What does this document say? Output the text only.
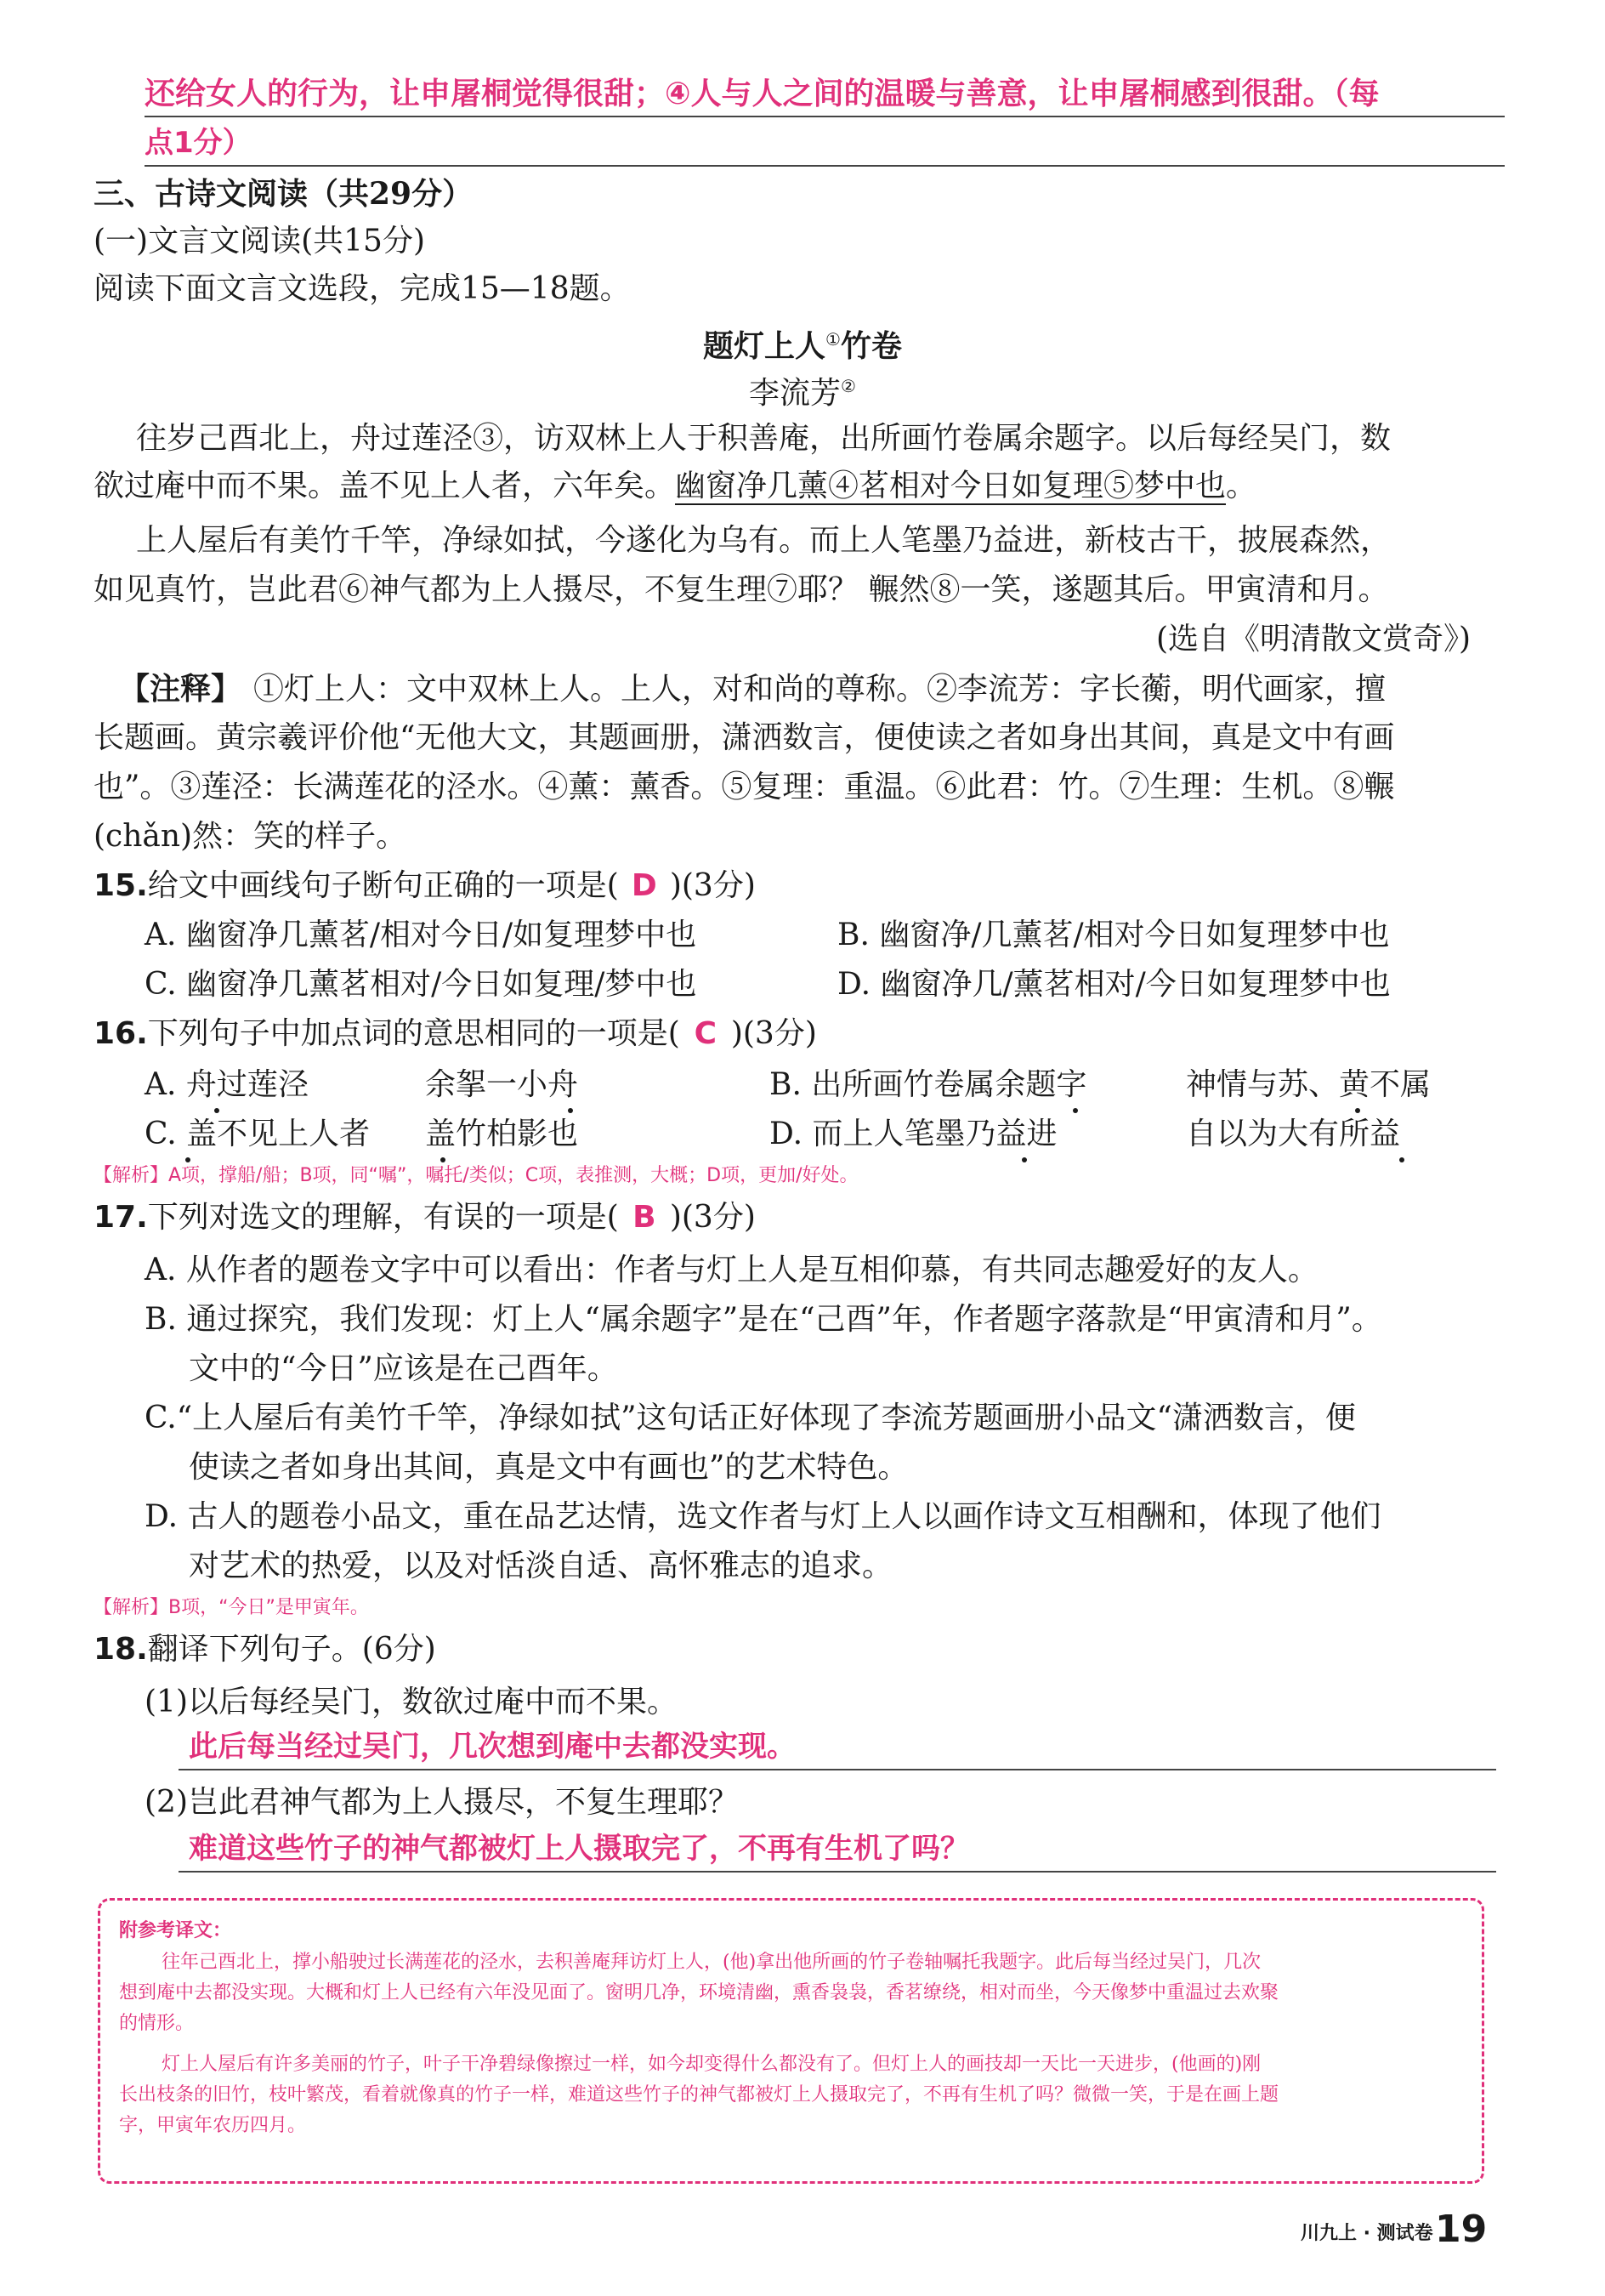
还给女人的行为，让申屠桐觉得很甜；④人与人之间的温暖与善意，让申屠桐感到很甜。（每
点1分）
三、古诗文阅读（共29分）
(一)文言文阅读(共15分)
阅读下面文言文选段，完成15—18题。
题灯上人①竹卷
李流芳②
往岁己酉北上，舟过莲泾③，访双林上人于积善庵，出所画竹卷属余题字。以后每经吴门，数
欲过庵中而不果。盖不见上人者，六年矣。幽窗净几薰④茗相对今日如复理⑤梦中也。
上人屋后有美竹千竿，净绿如拭，今遂化为乌有。而上人笔墨乃益进，新枝古干，披展森然，
如见真竹，岂此君⑥神气都为上人摄尽，不复生理⑦耶？ 冁然⑧一笑，遂题其后。甲寅清和月。
(选自《明清散文赏奇》)
【注释】 ①灯上人：文中双林上人。上人，对和尚的尊称。②李流芳：字长蘅，明代画家，擅
长题画。黄宗羲评价他“无他大文，其题画册，潇洒数言，便使读之者如身出其间，真是文中有画
也”。③莲泾：长满莲花的泾水。④薰：薰香。⑤复理：重温。⑥此君：竹。⑦生理：生机。⑧冁
(chǎn)然：笑的样子。
15.给文中画线句子断句正确的一项是( D )(3分)
A. 幽窗净几薰茗/相对今日/如复理梦中也	B. 幽窗净/几薰茗/相对今日如复理梦中也
C. 幽窗净几薰茗相对/今日如复理/梦中也	D. 幽窗净几/薰茗相对/今日如复理梦中也
16.下列句子中加点词的意思相同的一项是( C )(3分)
A. 舟过莲泾	余挐一小舟	B. 出所画竹卷属余题字	神情与苏、黄不属
C. 盖不见上人者 盖竹柏影也	D. 而上人笔墨乃益进	自以为大有所益
【解析】A项，撑船/船；B项，同“嘱”，嘱托/类似；C项，表推测，大概；D项，更加/好处。
17.下列对选文的理解，有误的一项是( B )(3分)
A. 从作者的题卷文字中可以看出：作者与灯上人是互相仰慕，有共同志趣爱好的友人。
B. 通过探究，我们发现：灯上人“属余题字”是在“己酉”年，作者题字落款是“甲寅清和月”。
文中的“今日”应该是在己酉年。
C.“上人屋后有美竹千竿，净绿如拭”这句话正好体现了李流芳题画册小品文“潇洒数言，便
使读之者如身出其间，真是文中有画也”的艺术特色。
D. 古人的题卷小品文，重在品艺达情，选文作者与灯上人以画作诗文互相酬和，体现了他们
对艺术的热爱，以及对恬淡自适、高怀雅志的追求。
【解析】B项，“今日”是甲寅年。
18.翻译下列句子。(6分)
(1)以后每经吴门，数欲过庵中而不果。
此后每当经过吴门，几次想到庵中去都没实现。
(2)岂此君神气都为上人摄尽，不复生理耶？
难道这些竹子的神气都被灯上人摄取完了，不再有生机了吗？
附参考译文：
往年己酉北上，撑小船驶过长满莲花的泾水，去积善庵拜访灯上人，(他)拿出他所画的竹子卷轴嘱托我题字。此后每当经过吴门，几次
想到庵中去都没实现。大概和灯上人已经有六年没见面了。窗明几净，环境清幽，熏香袅袅，香茗缭绕，相对而坐，今天像梦中重温过去欢聚
的情形。
灯上人屋后有许多美丽的竹子，叶子干净碧绿像擦过一样，如今却变得什么都没有了。但灯上人的画技却一天比一天进步，(他画的)刚
长出枝条的旧竹，枝叶繁茂，看着就像真的竹子一样，难道这些竹子的神气都被灯上人摄取完了，不再有生机了吗？微微一笑，于是在画上题
字，甲寅年农历四月。
川九上 · 测试卷 19
